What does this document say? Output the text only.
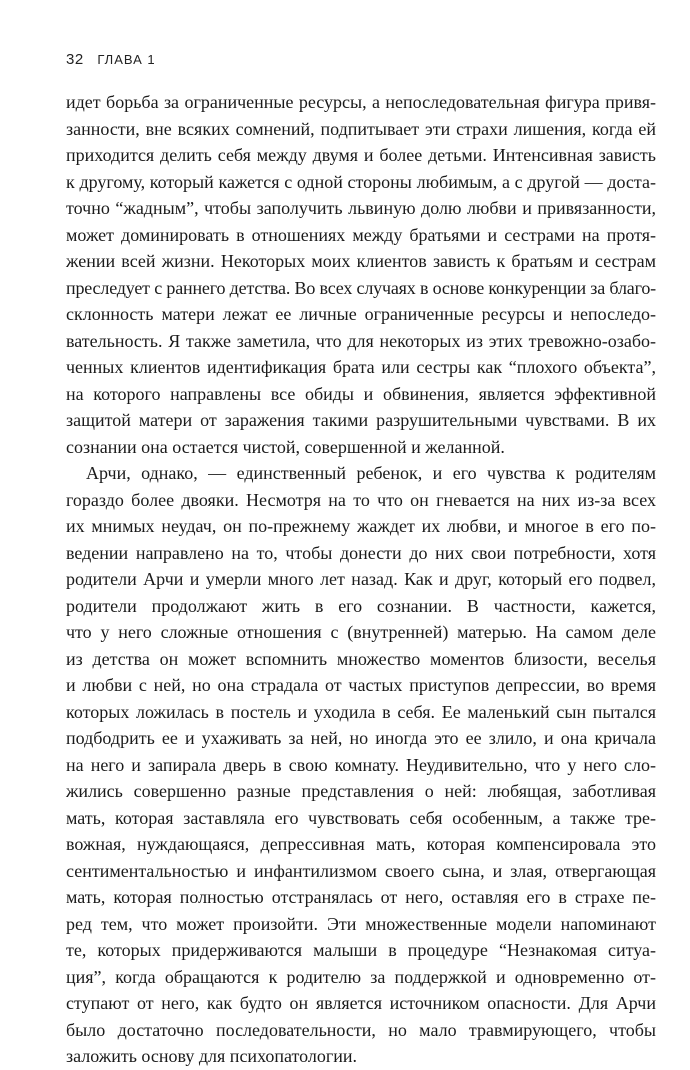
32 ГЛАВА 1
идет борьба за ограниченные ресурсы, а непоследовательная фигура привя-
занности, вне всяких сомнений, подпитывает эти страхи лишения, когда ей
приходится делить себя между двумя и более детьми. Интенсивная зависть
к другому, который кажется с одной стороны любимым, а с другой — доста-
точно “жадным”, чтобы заполучить львиную долю любви и привязанности,
может доминировать в отношениях между братьями и сестрами на протя-
жении всей жизни. Некоторых моих клиентов зависть к братьям и сестрам
преследует с раннего детства. Во всех случаях в основе конкуренции за благо-
склонность матери лежат ее личные ограниченные ресурсы и непоследо-
вательность. Я также заметила, что для некоторых из этих тревожно-озабо-
ченных клиентов идентификация брата или сестры как “плохого объекта”,
на которого направлены все обиды и обвинения, является эффективной
защитой матери от заражения такими разрушительными чувствами. В их
сознании она остается чистой, совершенной и желанной.
Арчи, однако, — единственный ребенок, и его чувства к родителям
гораздо более двояки. Несмотря на то что он гневается на них из-за всех
их мнимых неудач, он по-прежнему жаждет их любви, и многое в его по-
ведении направлено на то, чтобы донести до них свои потребности, хотя
родители Арчи и умерли много лет назад. Как и друг, который его подвел,
родители продолжают жить в его сознании. В частности, кажется,
что у него сложные отношения с (внутренней) матерью. На самом деле
из детства он может вспомнить множество моментов близости, веселья
и любви с ней, но она страдала от частых приступов депрессии, во время
которых ложилась в постель и уходила в себя. Ее маленький сын пытался
подбодрить ее и ухаживать за ней, но иногда это ее злило, и она кричала
на него и запирала дверь в свою комнату. Неудивительно, что у него сло-
жились совершенно разные представления о ней: любящая, заботливая
мать, которая заставляла его чувствовать себя особенным, а также тре-
вожная, нуждающаяся, депрессивная мать, которая компенсировала это
сентиментальностью и инфантилизмом своего сына, и злая, отвергающая
мать, которая полностью отстранялась от него, оставляя его в страхе пе-
ред тем, что может произойти. Эти множественные модели напоминают
те, которых придерживаются малыши в процедуре “Незнакомая ситуа-
ция”, когда обращаются к родителю за поддержкой и одновременно от-
ступают от него, как будто он является источником опасности. Для Арчи
было достаточно последовательности, но мало травмирующего, чтобы
заложить основу для психопатологии.
